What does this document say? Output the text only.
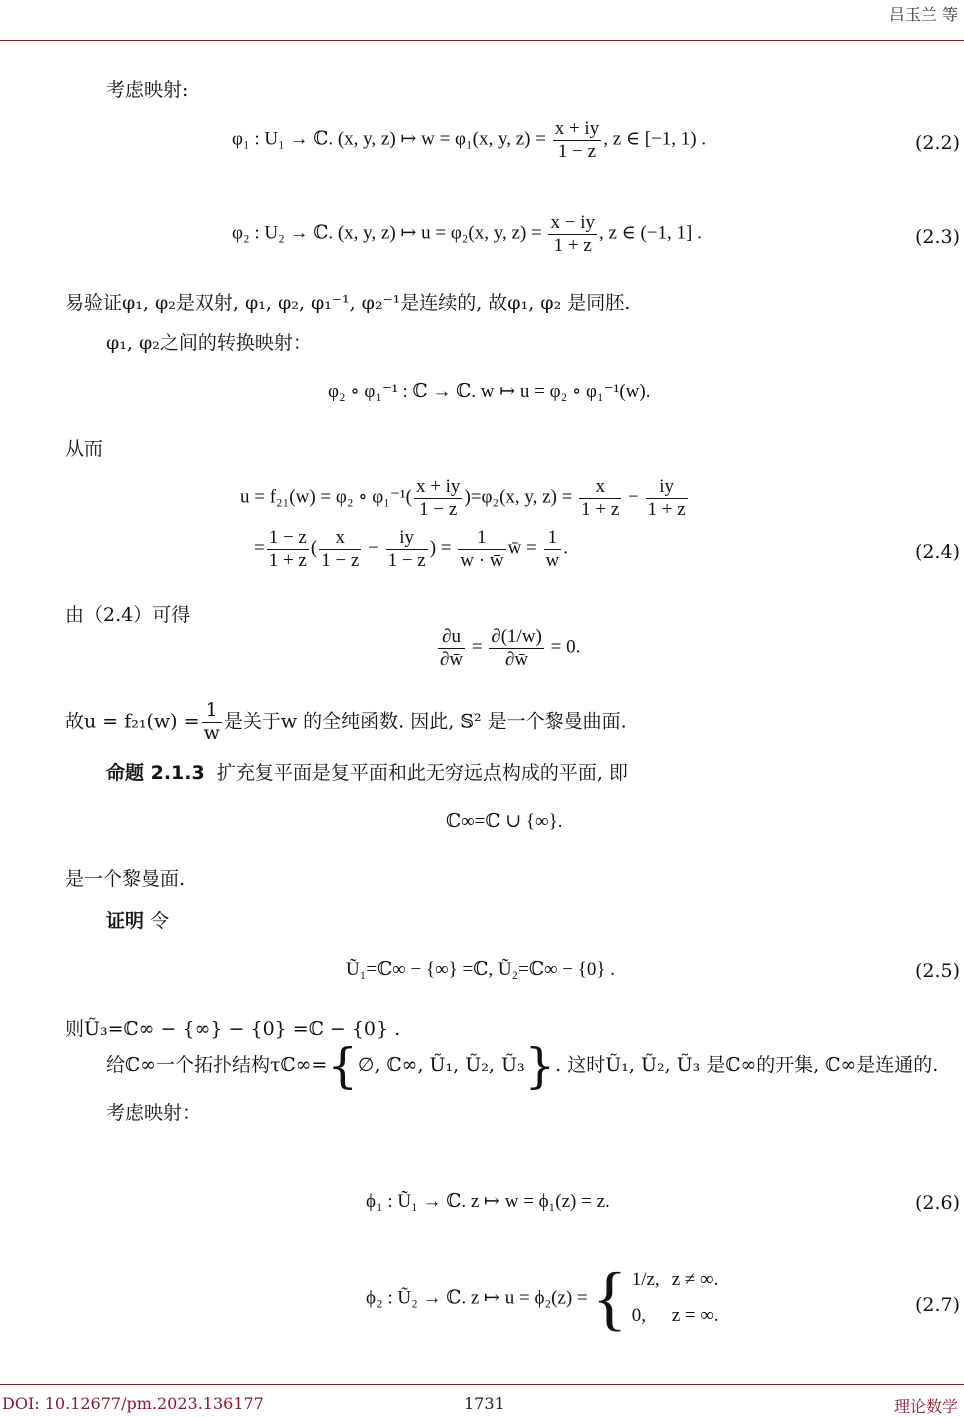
吕玉兰 等
考虑映射:
φ₁ : U₁ → ℂ. (x, y, z) ↦ w = φ₁(x, y, $z) = \frac{x + iy}{1 - z}$ , z ∈ [−1, 1) .	(2.2)
φ₂ : U₂ → ℂ. (x, y, z) ↦ u = φ₂(x, y, $z) = \frac{x - iy}{1 + z}$ , z ∈ (−1, 1] .	(2.3)
易验证φ₁, φ₂是双射, φ₁, φ₂, φ₁⁻¹, φ₂⁻¹是连续的, 故φ₁, φ₂ 是同胚.
φ₁, φ₂之间的转换映射：
φ₂ ∘ φ₁⁻¹ : ℂ → ℂ. w ↦ u = φ₂ ∘ φ₁⁻¹(w).
从而
u = f₂₁(w) = φ₂ ∘ $\varphi_1^{-1}( \frac{x + iy}{1 - z} )=\varphi_2(x$, y, $z) = \frac{x}{1 + z} - \frac{iy}{1 + z}$
= $\frac{1 - z}{1 + z}$ ( $\frac{x}{1 - z} - \frac{iy}{1 - z}$ ) = $\frac{1}{w \cdot w̄}$ w̄ = $\frac{1}{w}$ .	(2.4)
由（2.4）可得
$\frac{\partial u}{\partial w̄} = \frac{\partial(1/w)}{\partial w̄} = 0$.
故$u = f_{21}(w) = \frac{1}{w}$ 是关于w 的全纯函数. 因此, 𝕊² 是一个黎曼曲面.
命题 2.1.3 扩充复平面是复平面和此无穷远点构成的平面, 即
ℂ∞=ℂ ∪ {∞}.
是一个黎曼面.
证明 令
Ũ₁=ℂ∞ − {∞} =ℂ, Ũ₂=ℂ∞ − {0} .	(2.5)
则Ũ₃=ℂ∞ − {∞} − {0} =ℂ − {0} .
给ℂ∞一个拓扑结构τℂ∞={∅, ℂ∞, Ũ₁, Ũ₂, Ũ₃}. 这时Ũ₁, Ũ₂, Ũ₃ 是ℂ∞的开集, ℂ∞是连通的.
考虑映射：
ϕ₁ : Ũ₁ → ℂ. z ↦ w = ϕ₁(z) = z.	(2.6)
ϕ₂ : Ũ₂ → ℂ. z ↦ u = ϕ₂(z) = { 1/z, z ≠ ∞.
0, z = ∞.	(2.7)
DOI: 10.12677/pm.2023.136177	1731	理论数学
